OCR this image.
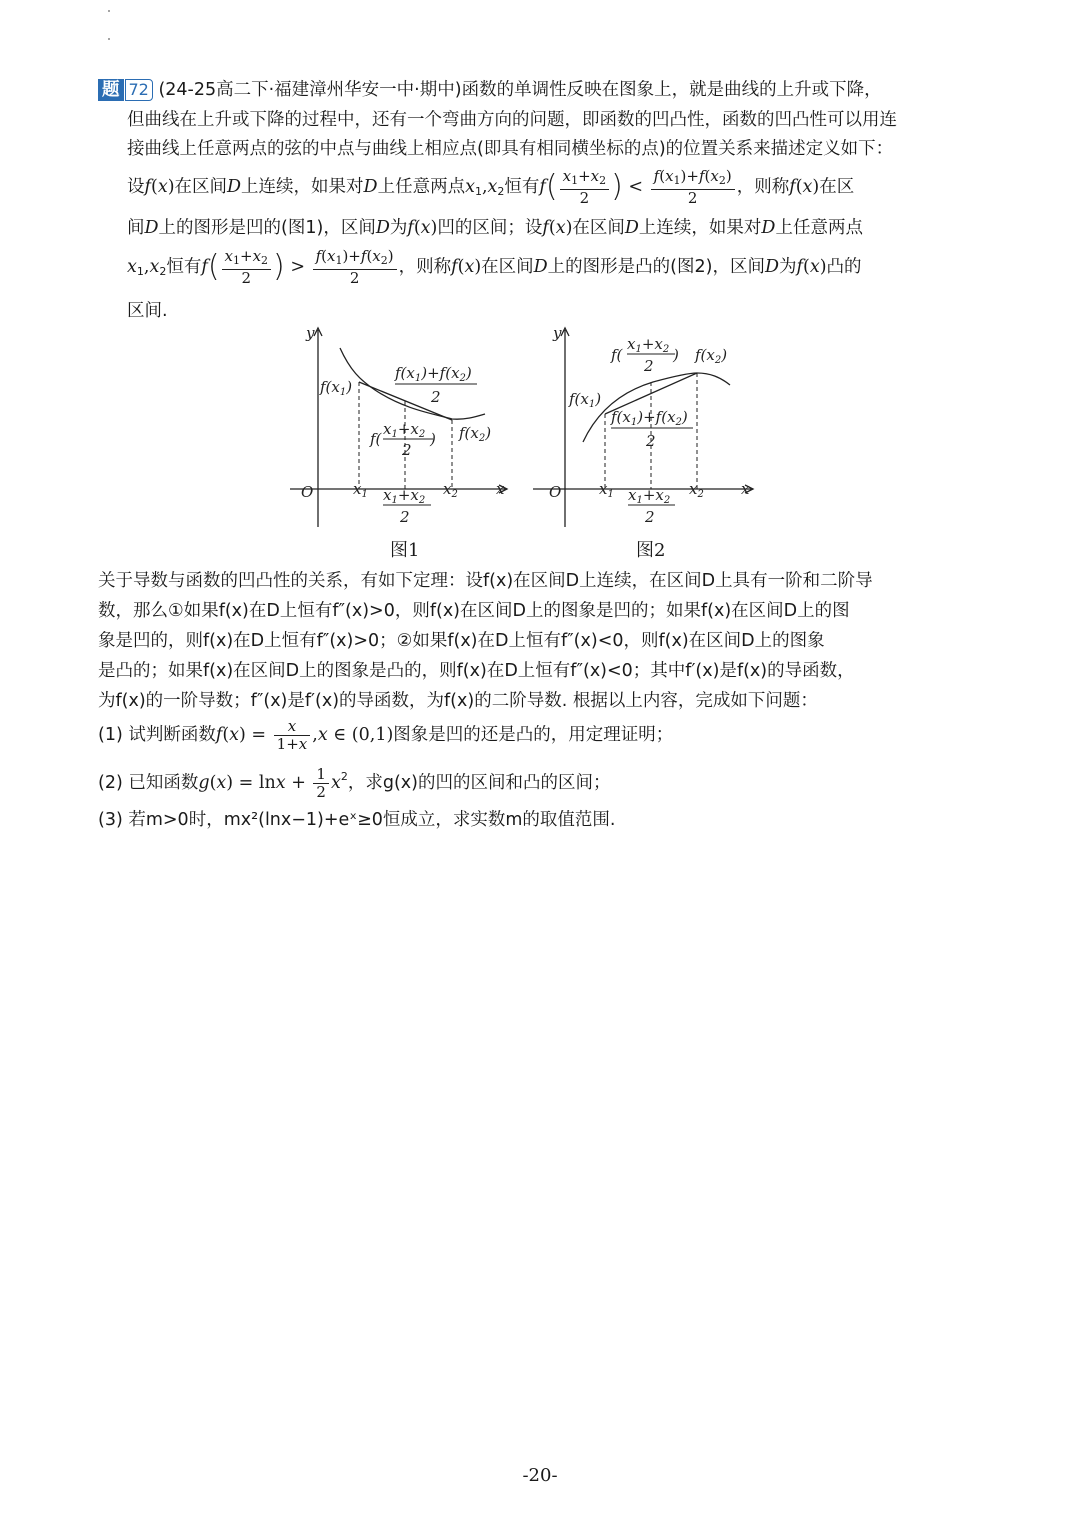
题 72 (24-25高二下·福建漳州华安一中·期中)函数的单调性反映在图象上，就是曲线的上升或下降，
但曲线在上升或下降的过程中，还有一个弯曲方向的问题，即函数的凹凸性，函数的凹凸性可以用连
接曲线上任意两点的弦的中点与曲线上相应点(即具有相同横坐标的点)的位置关系来描述定义如下：
设f(x)在区间D上连续，如果对D上任意两点$x_1,x_2$恒有$f( \frac{x_1+x_2}{2}$ ) < $\frac{f(x_1)+f(x_2)}{2}$ ，则称f(x)在区
间D上的图形是凹的(图1)，区间D为f(x)凹的区间；设f(x)在区间D上连续，如果对D上任意两点
$x_1,x_2$恒有$f( \frac{x_1+x_2}{2}$ ) > $\frac{f(x_1)+f(x_2)}{2}$ ，则称f(x)在区间D上的图形是凸的(图2)，区间D为f(x)凸的
区间.
$f(x_1)$
$f(x_1)+f(x_2)$
2
f(
$x_1+x_2$
2
) $f(x_2)$
O	$x_1$	$x_2$	x
y
$x_1+x_2$
2
图1
f(
$x_1+x_2$
2
) $f(x_2)$
$f(x_1)$
$f(x_1)+f(x_2)$
2
O	$x_1$	$x_2$ x
y
$x_1+x_2$
2
图2
关于导数与函数的凹凸性的关系，有如下定理：设f(x)在区间D上连续，在区间D上具有一阶和二阶导
数，那么①如果f(x)在D上恒有f″(x)>0，则f(x)在区间D上的图象是凹的；如果f(x)在区间D上的图
象是凹的，则f(x)在D上恒有f″(x)>0；②如果f(x)在D上恒有f″(x)<0，则f(x)在区间D上的图象
是凸的；如果f(x)在区间D上的图象是凸的，则f(x)在D上恒有f″(x)<0；其中f′(x)是f(x)的导函数，
为f(x)的一阶导数；f″(x)是f′(x)的导函数，为f(x)的二阶导数. 根据以上内容，完成如下问题：
(1) 试判断函数$f(x) = \frac{x}{1+x} ,x$ ∈ (0,1)图象是凹的还是凸的，用定理证明；
(2) 已知函数$g(x) = \ln x + \frac{1}{2} x^2$，求g(x)的凹的区间和凸的区间；
(3) 若m>0时，mx²(lnx−1)+eˣ≥0恒成立，求实数m的取值范围.
-20-
